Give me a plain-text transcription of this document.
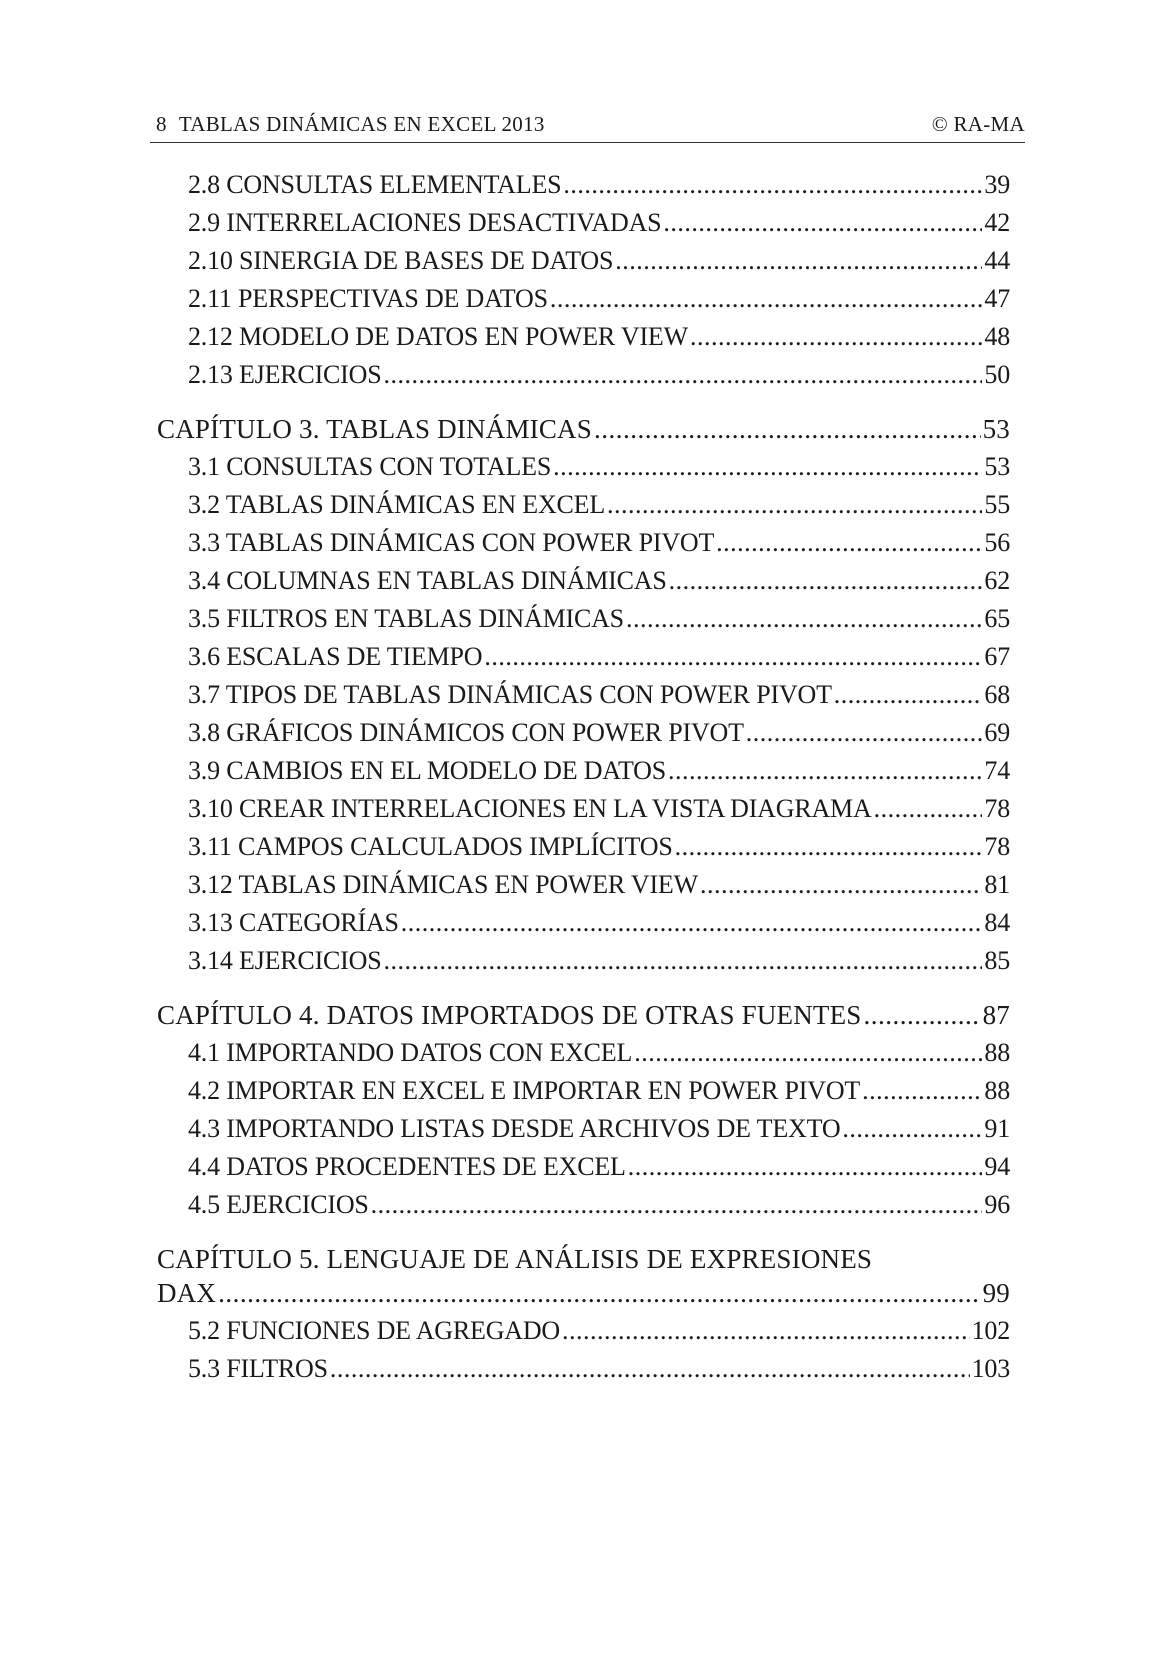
8 TABLAS DINÁMICAS EN EXCEL 2013	© RA-MA
2.8 CONSULTAS ELEMENTALES .....	39
2.9 INTERRELACIONES DESACTIVADAS .....	42
2.10 SINERGIA DE BASES DE DATOS .....	44
2.11 PERSPECTIVAS DE DATOS .....	47
2.12 MODELO DE DATOS EN POWER VIEW .....	48
2.13 EJERCICIOS .....	50
CAPÍTULO 3. TABLAS DINÁMICAS .....	53
3.1 CONSULTAS CON TOTALES .....	53
3.2 TABLAS DINÁMICAS EN EXCEL .....	55
3.3 TABLAS DINÁMICAS CON POWER PIVOT .....	56
3.4 COLUMNAS EN TABLAS DINÁMICAS .....	62
3.5 FILTROS EN TABLAS DINÁMICAS .....	65
3.6 ESCALAS DE TIEMPO .....	67
3.7 TIPOS DE TABLAS DINÁMICAS CON POWER PIVOT .....	68
3.8 GRÁFICOS DINÁMICOS CON POWER PIVOT .....	69
3.9 CAMBIOS EN EL MODELO DE DATOS .....	74
3.10 CREAR INTERRELACIONES EN LA VISTA DIAGRAMA .....	78
3.11 CAMPOS CALCULADOS IMPLÍCITOS .....	78
3.12 TABLAS DINÁMICAS EN POWER VIEW .....	81
3.13 CATEGORÍAS .....	84
3.14 EJERCICIOS .....	85
CAPÍTULO 4. DATOS IMPORTADOS DE OTRAS FUENTES .....	87
4.1 IMPORTANDO DATOS CON EXCEL .....	88
4.2 IMPORTAR EN EXCEL E IMPORTAR EN POWER PIVOT .....	88
4.3 IMPORTANDO LISTAS DESDE ARCHIVOS DE TEXTO .....	91
4.4 DATOS PROCEDENTES DE EXCEL .....	94
4.5 EJERCICIOS .....	96
CAPÍTULO 5. LENGUAJE DE ANÁLISIS DE EXPRESIONES
DAX .....	99
5.2 FUNCIONES DE AGREGADO .....	102
5.3 FILTROS .....	103
